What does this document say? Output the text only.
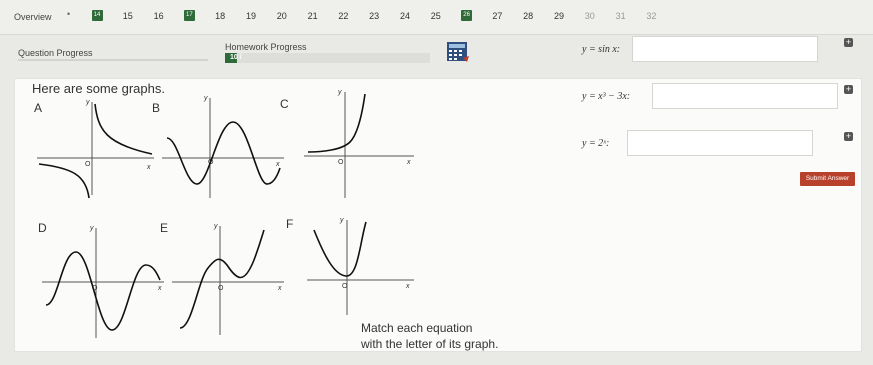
Overview •	14	15	16	17	18	19	20	21	22	23	24	25	26	27	28	29	30	31	32
Question Progress
Homework Progress
10 /
Here are some graphs.
A	y
x
O
B
y
x
O
C
y
x
O
D	y
x
O
E	y
x
O
F	y
x
O
Match each equation
with the letter of its graph.
y = sin x:
+
y = x³ − 3x:
+
y = 2ˣ:
+
Submit Answer
